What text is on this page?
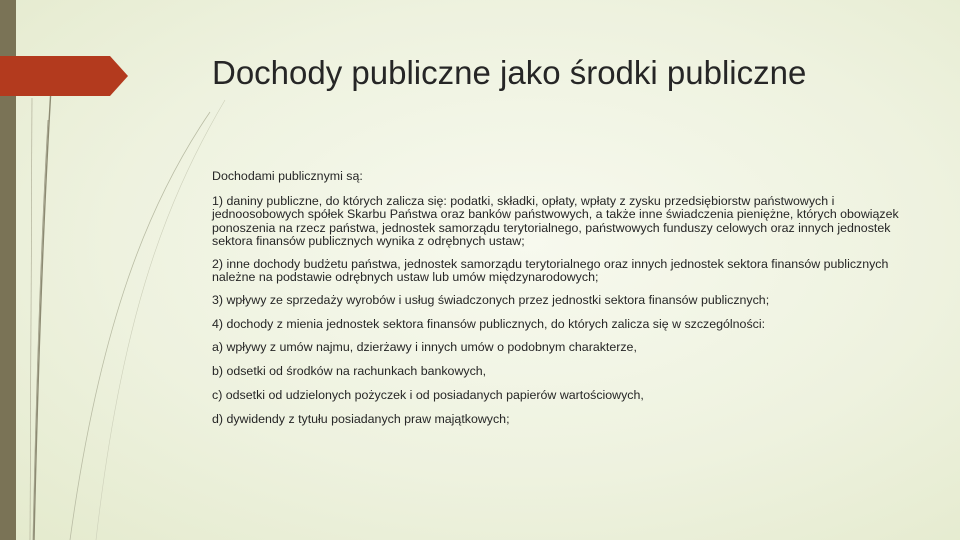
Dochody publiczne jako środki publiczne

Dochodami publicznymi są:

1) daniny publiczne, do których zalicza się: podatki, składki, opłaty, wpłaty z zysku przedsiębiorstw państwowych i jednoosobowych spółek Skarbu Państwa oraz banków państwowych, a także inne świadczenia pieniężne, których obowiązek ponoszenia na rzecz państwa, jednostek samorządu terytorialnego, państwowych funduszy celowych oraz innych jednostek sektora finansów publicznych wynika z odrębnych ustaw;

2) inne dochody budżetu państwa, jednostek samorządu terytorialnego oraz innych jednostek sektora finansów publicznych należne na podstawie odrębnych ustaw lub umów międzynarodowych;

3) wpływy ze sprzedaży wyrobów i usług świadczonych przez jednostki sektora finansów publicznych;

4) dochody z mienia jednostek sektora finansów publicznych, do których zalicza się w szczególności:

a) wpływy z umów najmu, dzierżawy i innych umów o podobnym charakterze,

b) odsetki od środków na rachunkach bankowych,

c) odsetki od udzielonych pożyczek i od posiadanych papierów wartościowych,

d) dywidendy z tytułu posiadanych praw majątkowych;
